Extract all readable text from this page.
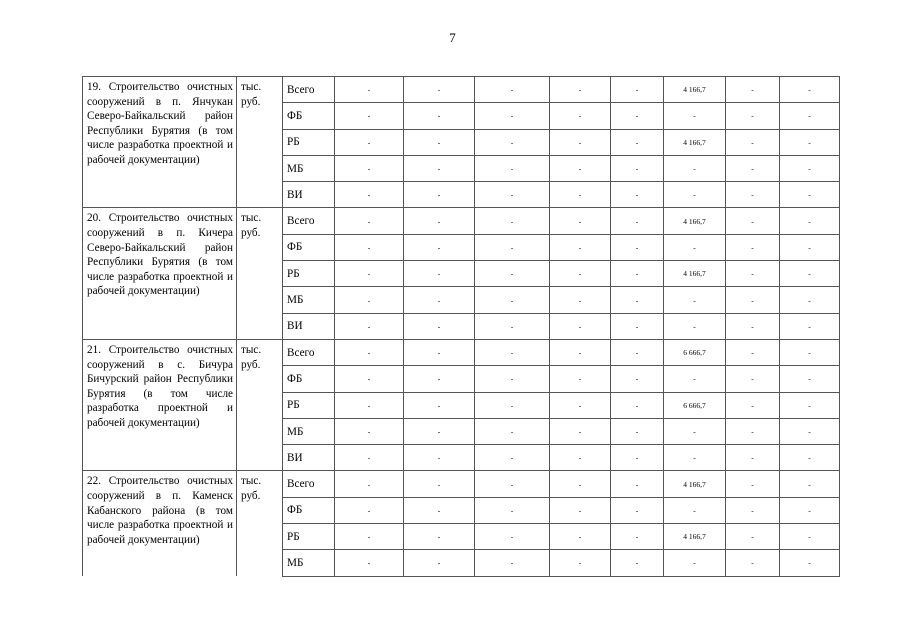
7
19. Строительство очистных сооружений в п. Янчукан Северо-Байкальский район Республики Бурятия (в том числе разработка проектной и рабочей документации)	тыс. руб.	Всего	-	-	-	-	-	4 166,7	-	-
		ФБ	-	-	-	-	-	-	-	-
		РБ	-	-	-	-	-	4 166,7	-	-
		МБ	-	-	-	-	-	-	-	-
		ВИ	-	-	-	-	-	-	-	-
20. Строительство очистных сооружений в п. Кичера Северо-Байкальский район Республики Бурятия (в том числе разработка проектной и рабочей документации)	тыс. руб.	Всего	-	-	-	-	-	4 166,7	-	-
		ФБ	-	-	-	-	-	-	-	-
		РБ	-	-	-	-	-	4 166,7	-	-
		МБ	-	-	-	-	-	-	-	-
		ВИ	-	-	-	-	-	-	-	-
21. Строительство очистных сооружений в с. Бичура Бичурский район Республики Бурятия (в том числе разработка проектной и рабочей документации)	тыс. руб.	Всего	-	-	-	-	-	6 666,7	-	-
		ФБ	-	-	-	-	-	-	-	-
		РБ	-	-	-	-	-	6 666,7	-	-
		МБ	-	-	-	-	-	-	-	-
		ВИ	-	-	-	-	-	-	-	-
22. Строительство очистных сооружений в п. Каменск Кабанского района (в том числе разработка проектной и рабочей документации)	тыс. руб.	Всего	-	-	-	-	-	4 166,7	-	-
		ФБ	-	-	-	-	-	-	-	-
		РБ	-	-	-	-	-	4 166,7	-	-
		МБ	-	-	-	-	-	-	-	-
